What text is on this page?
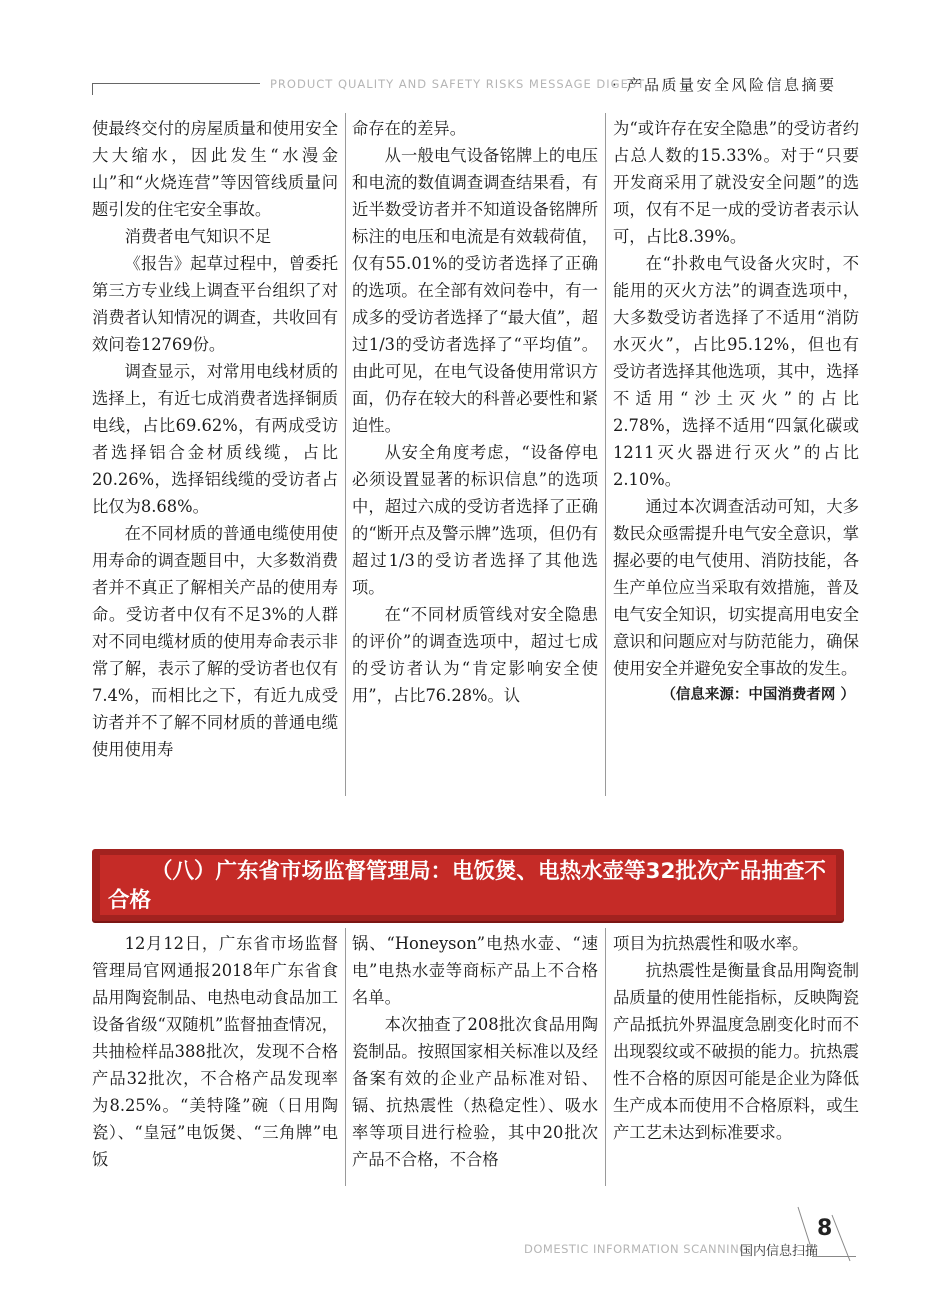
PRODUCT QUALITY AND SAFETY RISKS MESSAGE DIGEST
· 产品质量安全风险信息摘要

使最终交付的房屋质量和使用安全大大缩水，因此发生“水漫金山”和“火烧连营”等因管线质量问题引发的住宅安全事故。

消费者电气知识不足

《报告》起草过程中，曾委托第三方专业线上调查平台组织了对消费者认知情况的调查，共收回有效问卷12769份。

调查显示，对常用电线材质的选择上，有近七成消费者选择铜质电线，占比69.62%，有两成受访者选择铝合金材质线缆，占比20.26%，选择铝线缆的受访者占比仅为8.68%。

在不同材质的普通电缆使用使用寿命的调查题目中，大多数消费者并不真正了解相关产品的使用寿命。受访者中仅有不足3%的人群对不同电缆材质的使用寿命表示非常了解，表示了解的受访者也仅有7.4%，而相比之下，有近九成受访者并不了解不同材质的普通电缆使用使用寿

命存在的差异。

从一般电气设备铭牌上的电压和电流的数值调查调查结果看，有近半数受访者并不知道设备铭牌所标注的电压和电流是有效载荷值，仅有55.01%的受访者选择了正确的选项。在全部有效问卷中，有一成多的受访者选择了“最大值”，超过1/3的受访者选择了“平均值”。由此可见，在电气设备使用常识方面，仍存在较大的科普必要性和紧迫性。

从安全角度考虑，“设备停电必须设置显著的标识信息”的选项中，超过六成的受访者选择了正确的“断开点及警示牌”选项，但仍有超过1/3的受访者选择了其他选项。

在“不同材质管线对安全隐患的评价”的调查选项中，超过七成的受访者认为“肯定影响安全使用”，占比76.28%。认

为“或许存在安全隐患”的受访者约占总人数的15.33%。对于“只要开发商采用了就没安全问题”的选项，仅有不足一成的受访者表示认可，占比8.39%。

在“扑救电气设备火灾时，不能用的灭火方法”的调查选项中，大多数受访者选择了不适用“消防水灭火”，占比95.12%，但也有受访者选择其他选项，其中，选择不适用“沙土灭火”的占比2.78%，选择不适用“四氯化碳或1211灭火器进行灭火”的占比2.10%。

通过本次调查活动可知，大多数民众亟需提升电气安全意识，掌握必要的电气使用、消防技能，各生产单位应当采取有效措施，普及电气安全知识，切实提高用电安全意识和问题应对与防范能力，确保使用安全并避免安全事故的发生。

（信息来源：中国消费者网 ）

（八）广东省市场监督管理局：电饭煲、电热水壶等32批次产品抽查不合格

12月12日，广东省市场监督管理局官网通报2018年广东省食品用陶瓷制品、电热电动食品加工设备省级“双随机”监督抽查情况，共抽检样品388批次，发现不合格产品32批次，不合格产品发现率为8.25%。“美特隆”碗（日用陶瓷）、“皇冠”电饭煲、“三角牌”电饭

锅、“Honeyson”电热水壶、“速电”电热水壶等商标产品上不合格名单。

本次抽查了208批次食品用陶瓷制品。按照国家相关标准以及经备案有效的企业产品标准对铅、镉、抗热震性（热稳定性）、吸水率等项目进行检验，其中20批次产品不合格，不合格

项目为抗热震性和吸水率。

抗热震性是衡量食品用陶瓷制品质量的使用性能指标，反映陶瓷产品抵抗外界温度急剧变化时而不出现裂纹或不破损的能力。抗热震性不合格的原因可能是企业为降低生产成本而使用不合格原料，或生产工艺未达到标准要求。

DOMESTIC INFORMATION SCANNING
国内信息扫描
8
